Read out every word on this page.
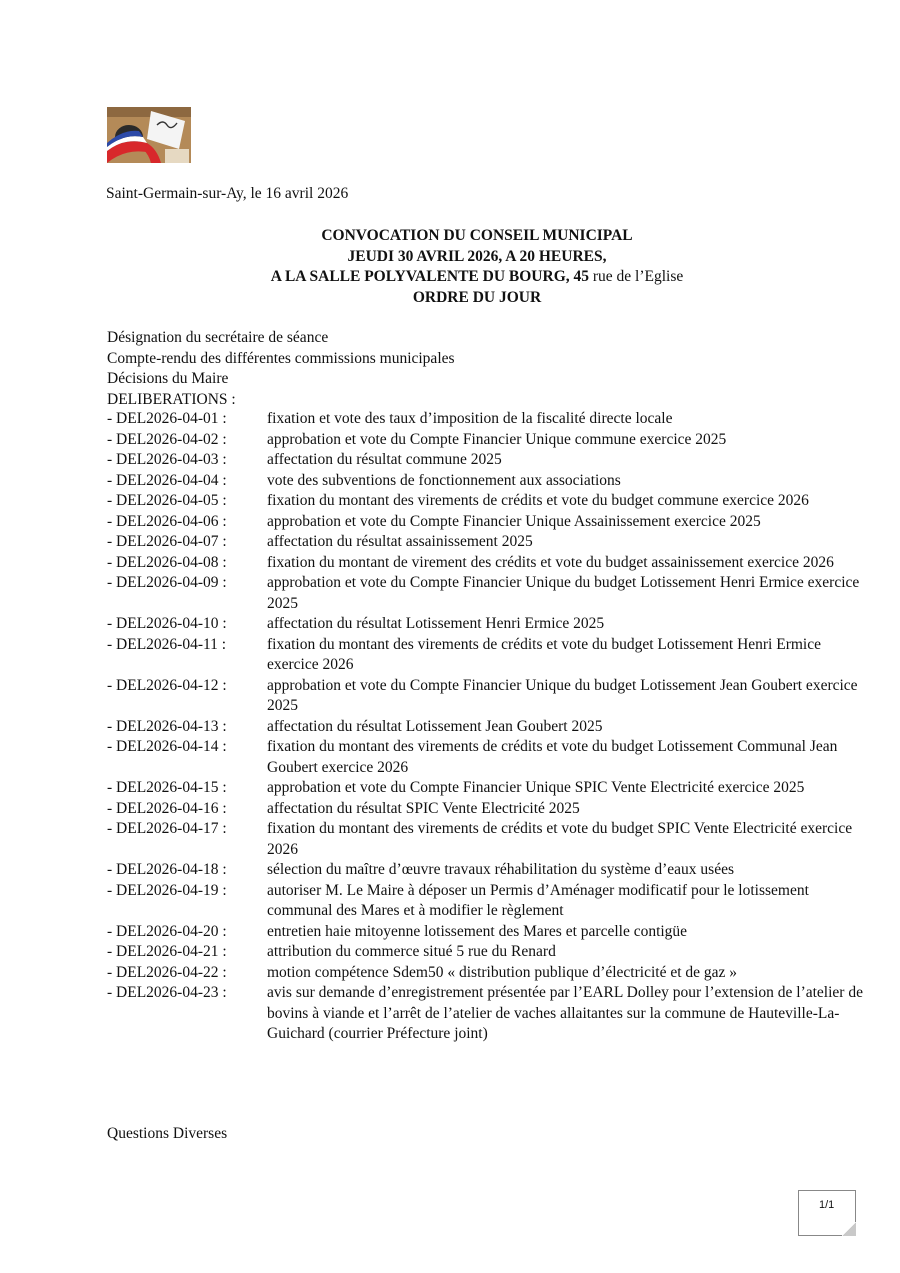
Saint-Germain-sur-Ay, le 16 avril 2026
CONVOCATION DU CONSEIL MUNICIPAL
JEUDI 30 AVRIL 2026, A 20 HEURES,
A LA SALLE POLYVALENTE DU BOURG, 45 rue de l’Eglise
ORDRE DU JOUR
Désignation du secrétaire de séance
Compte-rendu des différentes commissions municipales
Décisions du Maire
DELIBERATIONS :
- DEL2026-04-01 :	fixation et vote des taux d’imposition de la fiscalité directe locale
- DEL2026-04-02 :	approbation et vote du Compte Financier Unique commune exercice 2025
- DEL2026-04-03 :	affectation du résultat commune 2025
- DEL2026-04-04 :	vote des subventions de fonctionnement aux associations
- DEL2026-04-05 :	fixation du montant des virements de crédits et vote du budget commune exercice 2026
- DEL2026-04-06 :	approbation et vote du Compte Financier Unique Assainissement exercice 2025
- DEL2026-04-07 :	affectation du résultat assainissement 2025
- DEL2026-04-08 :	fixation du montant de virement des crédits et vote du budget assainissement exercice 2026
- DEL2026-04-09 :	approbation et vote du Compte Financier Unique du budget Lotissement Henri Ermice exercice 2025
- DEL2026-04-10 :	affectation du résultat Lotissement Henri Ermice 2025
- DEL2026-04-11 :	fixation du montant des virements de crédits et vote du budget Lotissement Henri Ermice exercice 2026
- DEL2026-04-12 :	approbation et vote du Compte Financier Unique du budget Lotissement Jean Goubert exercice 2025
- DEL2026-04-13 :	affectation du résultat Lotissement Jean Goubert 2025
- DEL2026-04-14 :	fixation du montant des virements de crédits et vote du budget Lotissement Communal Jean Goubert exercice 2026
- DEL2026-04-15 :	approbation et vote du Compte Financier Unique SPIC Vente Electricité exercice 2025
- DEL2026-04-16 :	affectation du résultat SPIC Vente Electricité 2025
- DEL2026-04-17 :	fixation du montant des virements de crédits et vote du budget SPIC Vente Electricité exercice 2026
- DEL2026-04-18 :	sélection du maître d’œuvre travaux réhabilitation du système d’eaux usées
- DEL2026-04-19 :	autoriser M. Le Maire à déposer un Permis d’Aménager modificatif pour le lotissement communal des Mares et à modifier le règlement
- DEL2026-04-20 :	entretien haie mitoyenne lotissement des Mares et parcelle contigüe
- DEL2026-04-21 :	attribution du commerce situé 5 rue du Renard
- DEL2026-04-22 :	motion compétence Sdem50 « distribution publique d’électricité et de gaz »
- DEL2026-04-23 :	avis sur demande d’enregistrement présentée par l’EARL Dolley pour l’extension de l’atelier de bovins à viande et l’arrêt de l’atelier de vaches allaitantes sur la commune de Hauteville-La-Guichard (courrier Préfecture joint)
Questions Diverses
1/1
